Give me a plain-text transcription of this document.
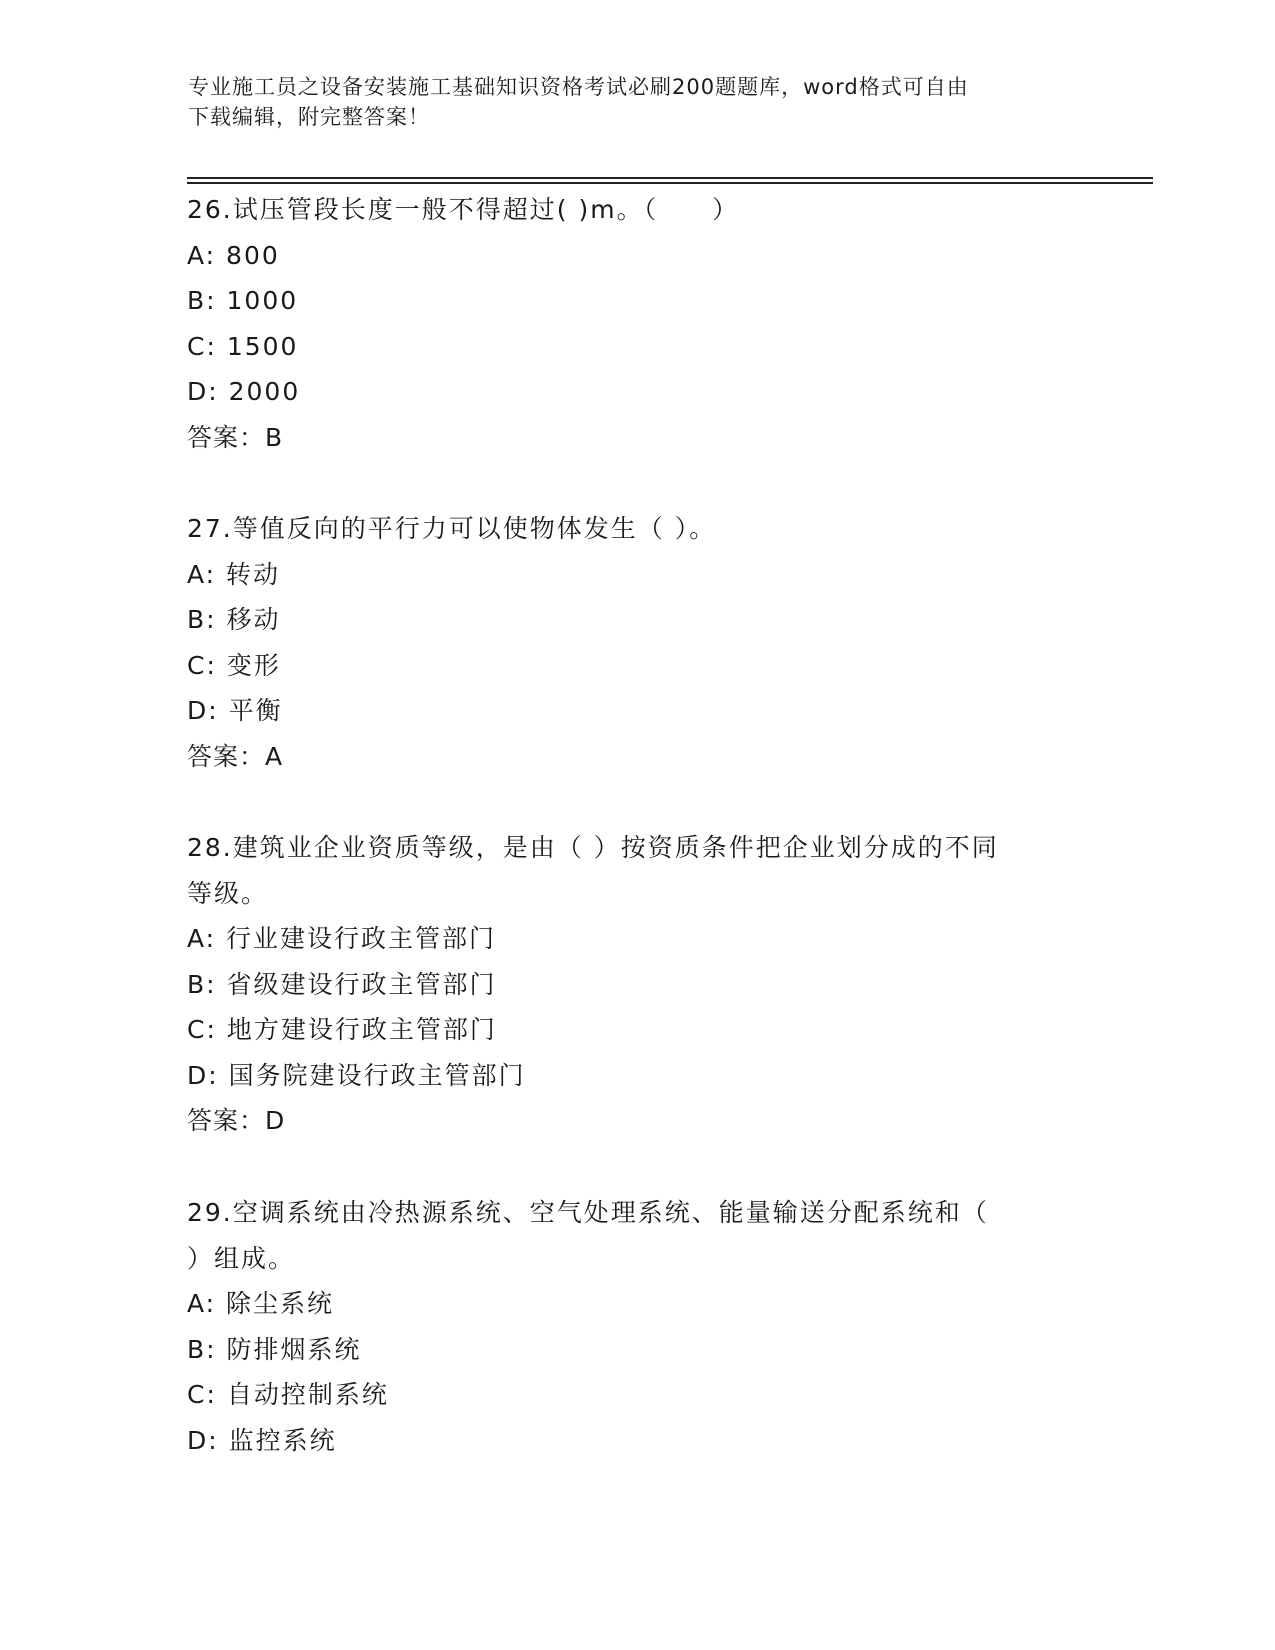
专业施工员之设备安装施工基础知识资格考试必刷200题题库，word格式可自由
下载编辑，附完整答案！
26.试压管段长度一般不得超过( )m。（　　）
A: 800
B: 1000
C: 1500
D: 2000
答案：B
27.等值反向的平行力可以使物体发生（ ）。
A: 转动
B: 移动
C: 变形
D: 平衡
答案：A
28.建筑业企业资质等级，是由（ ）按资质条件把企业划分成的不同
等级。
A: 行业建设行政主管部门
B: 省级建设行政主管部门
C: 地方建设行政主管部门
D: 国务院建设行政主管部门
答案：D
29.空调系统由冷热源系统、空气处理系统、能量输送分配系统和（
）组成。
A: 除尘系统
B: 防排烟系统
C: 自动控制系统
D: 监控系统
